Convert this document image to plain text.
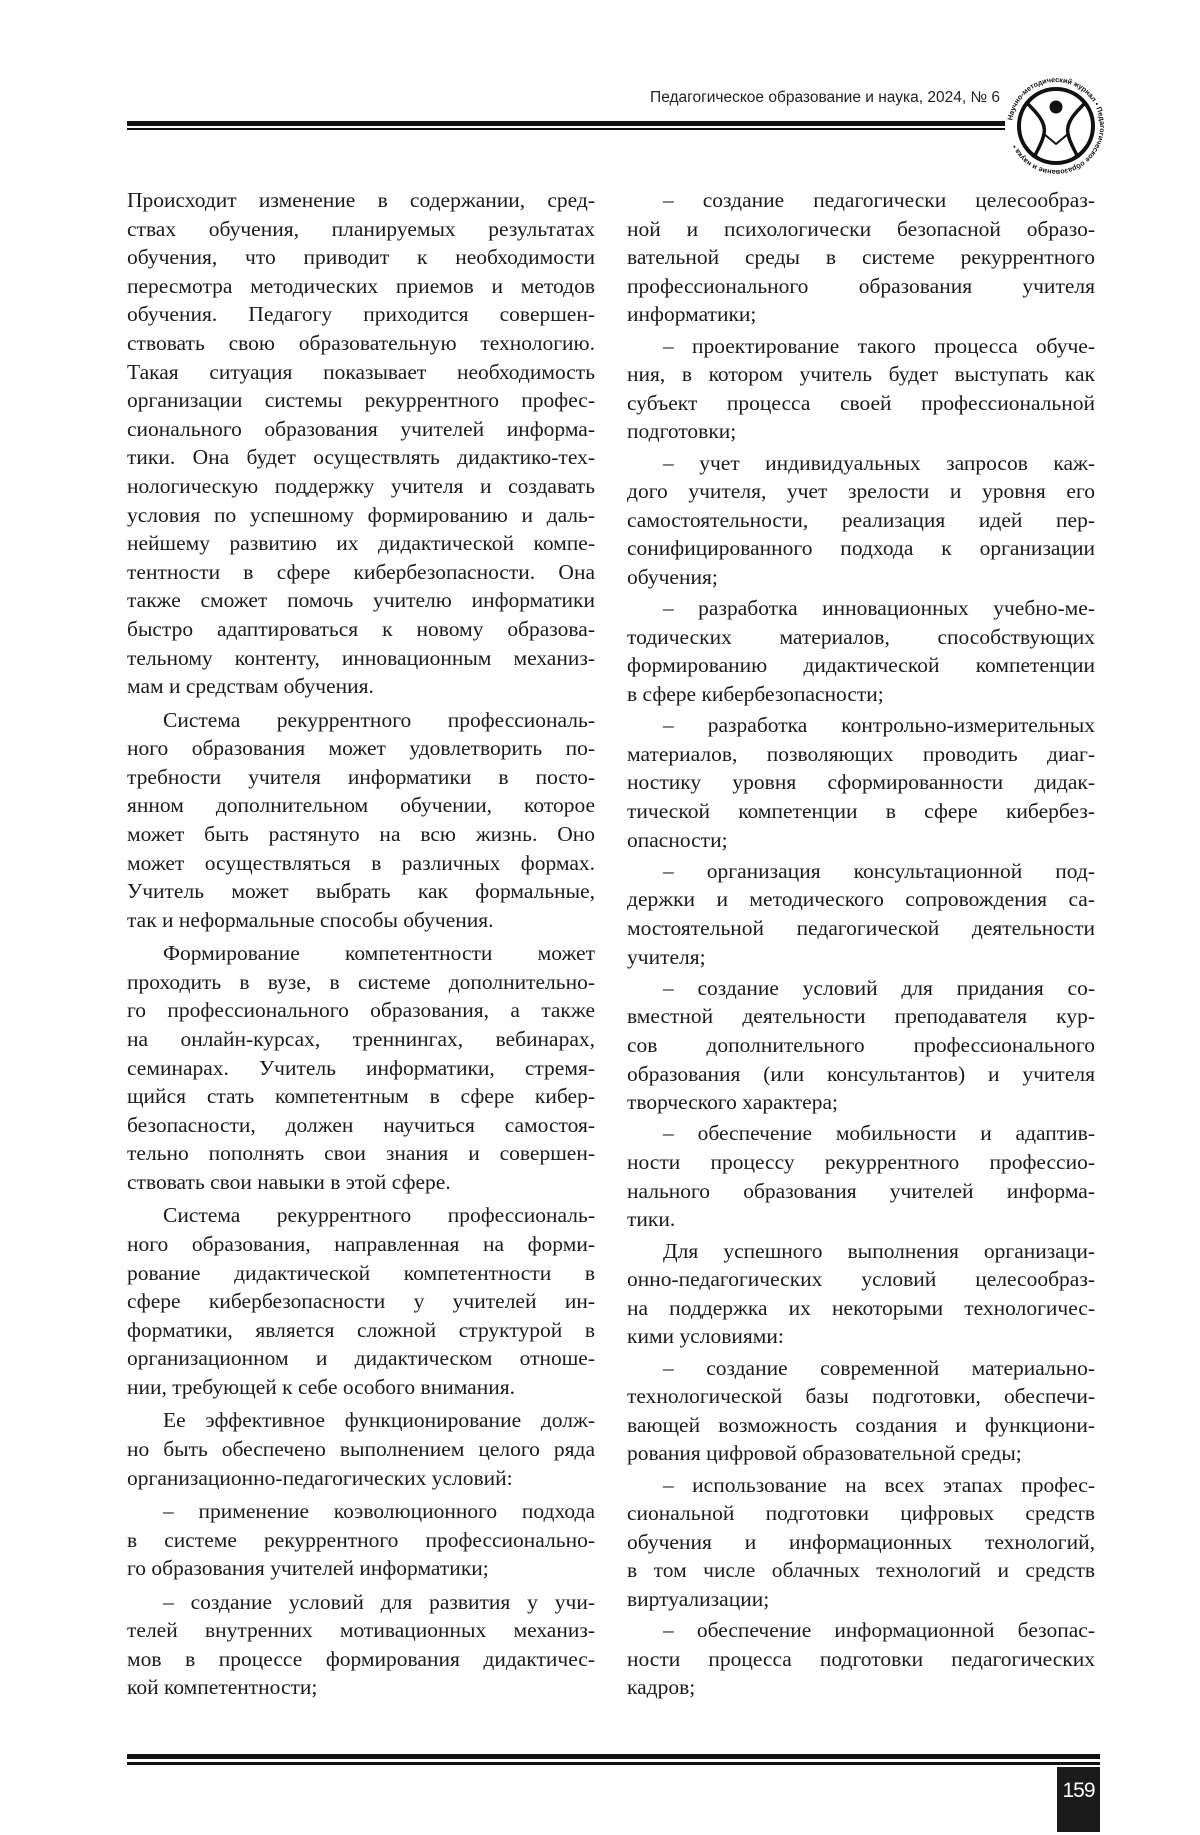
Педагогическое образование и наука, 2024, № 6
Научно-методический журнал • Педгическое образование и наука •
Происходит изменение в содержании, сред-
ствах обучения, планируемых результатах
обучения, что приводит к необходимости
пересмотра методических приемов и методов
обучения. Педагогу приходится совершен-
ствовать свою образовательную технологию.
Такая ситуация показывает необходимость
организации системы рекуррентного профес-
сионального образования учителей информа-
тики. Она будет осуществлять дидактико-тех-
нологическую поддержку учителя и создавать
условия по успешному формированию и даль-
нейшему развитию их дидактической компе-
тентности в сфере кибербезопасности. Она
также сможет помочь учителю информатики
быстро адаптироваться к новому образова-
тельному контенту, инновационным механиз-
мам и средствам обучения.
Система рекуррентного профессиональ-
ного образования может удовлетворить по-
требности учителя информатики в посто-
янном дополнительном обучении, которое
может быть растянуто на всю жизнь. Оно
может осуществляться в различных формах.
Учитель может выбрать как формальные,
так и неформальные способы обучения.
Формирование компетентности может
проходить в вузе, в системе дополнительно-
го профессионального образования, а также
на онлайн-курсах, треннингах, вебинарах,
семинарах. Учитель информатики, стремя-
щийся стать компетентным в сфере кибер-
безопасности, должен научиться самостоя-
тельно пополнять свои знания и совершен-
ствовать свои навыки в этой сфере.
Система рекуррентного профессиональ-
ного образования, направленная на форми-
рование дидактической компетентности в
сфере кибербезопасности у учителей ин-
форматики, является сложной структурой в
организационном и дидактическом отноше-
нии, требующей к себе особого внимания.
Ее эффективное функционирование долж-
но быть обеспечено выполнением целого ряда
организационно-педагогических условий:
– применение коэволюционного подхода
в системе рекуррентного профессионально-
го образования учителей информатики;
– создание условий для развития у учи-
телей внутренних мотивационных механиз-
мов в процессе формирования дидактичес-
кой компетентности;
– создание педагогически целесообраз-
ной и психологически безопасной образо-
вательной среды в системе рекуррентного
профессионального образования учителя
информатики;
– проектирование такого процесса обуче-
ния, в котором учитель будет выступать как
субъект процесса своей профессиональной
подготовки;
– учет индивидуальных запросов каж-
дого учителя, учет зрелости и уровня его
самостоятельности, реализация идей пер-
сонифицированного подхода к организации
обучения;
– разработка инновационных учебно-ме-
тодических материалов, способствующих
формированию дидактической компетенции
в сфере кибербезопасности;
– разработка контрольно-измерительных
материалов, позволяющих проводить диаг-
ностику уровня сформированности дидак-
тической компетенции в сфере кибербез-
опасности;
– организация консультационной под-
держки и методического сопровождения са-
мостоятельной педагогической деятельности
учителя;
– создание условий для придания со-
вместной деятельности преподавателя кур-
сов дополнительного профессионального
образования (или консультантов) и учителя
творческого характера;
– обеспечение мобильности и адаптив-
ности процессу рекуррентного профессио-
нального образования учителей информа-
тики.
Для успешного выполнения организаци-
онно-педагогических условий целесообраз-
на поддержка их некоторыми технологичес-
кими условиями:
– создание современной материально-
технологической базы подготовки, обеспечи-
вающей возможность создания и функциони-
рования цифровой образовательной среды;
– использование на всех этапах профес-
сиональной подготовки цифровых средств
обучения и информационных технологий,
в том числе облачных технологий и средств
виртуализации;
– обеспечение информационной безопас-
ности процесса подготовки педагогических
кадров;
159
